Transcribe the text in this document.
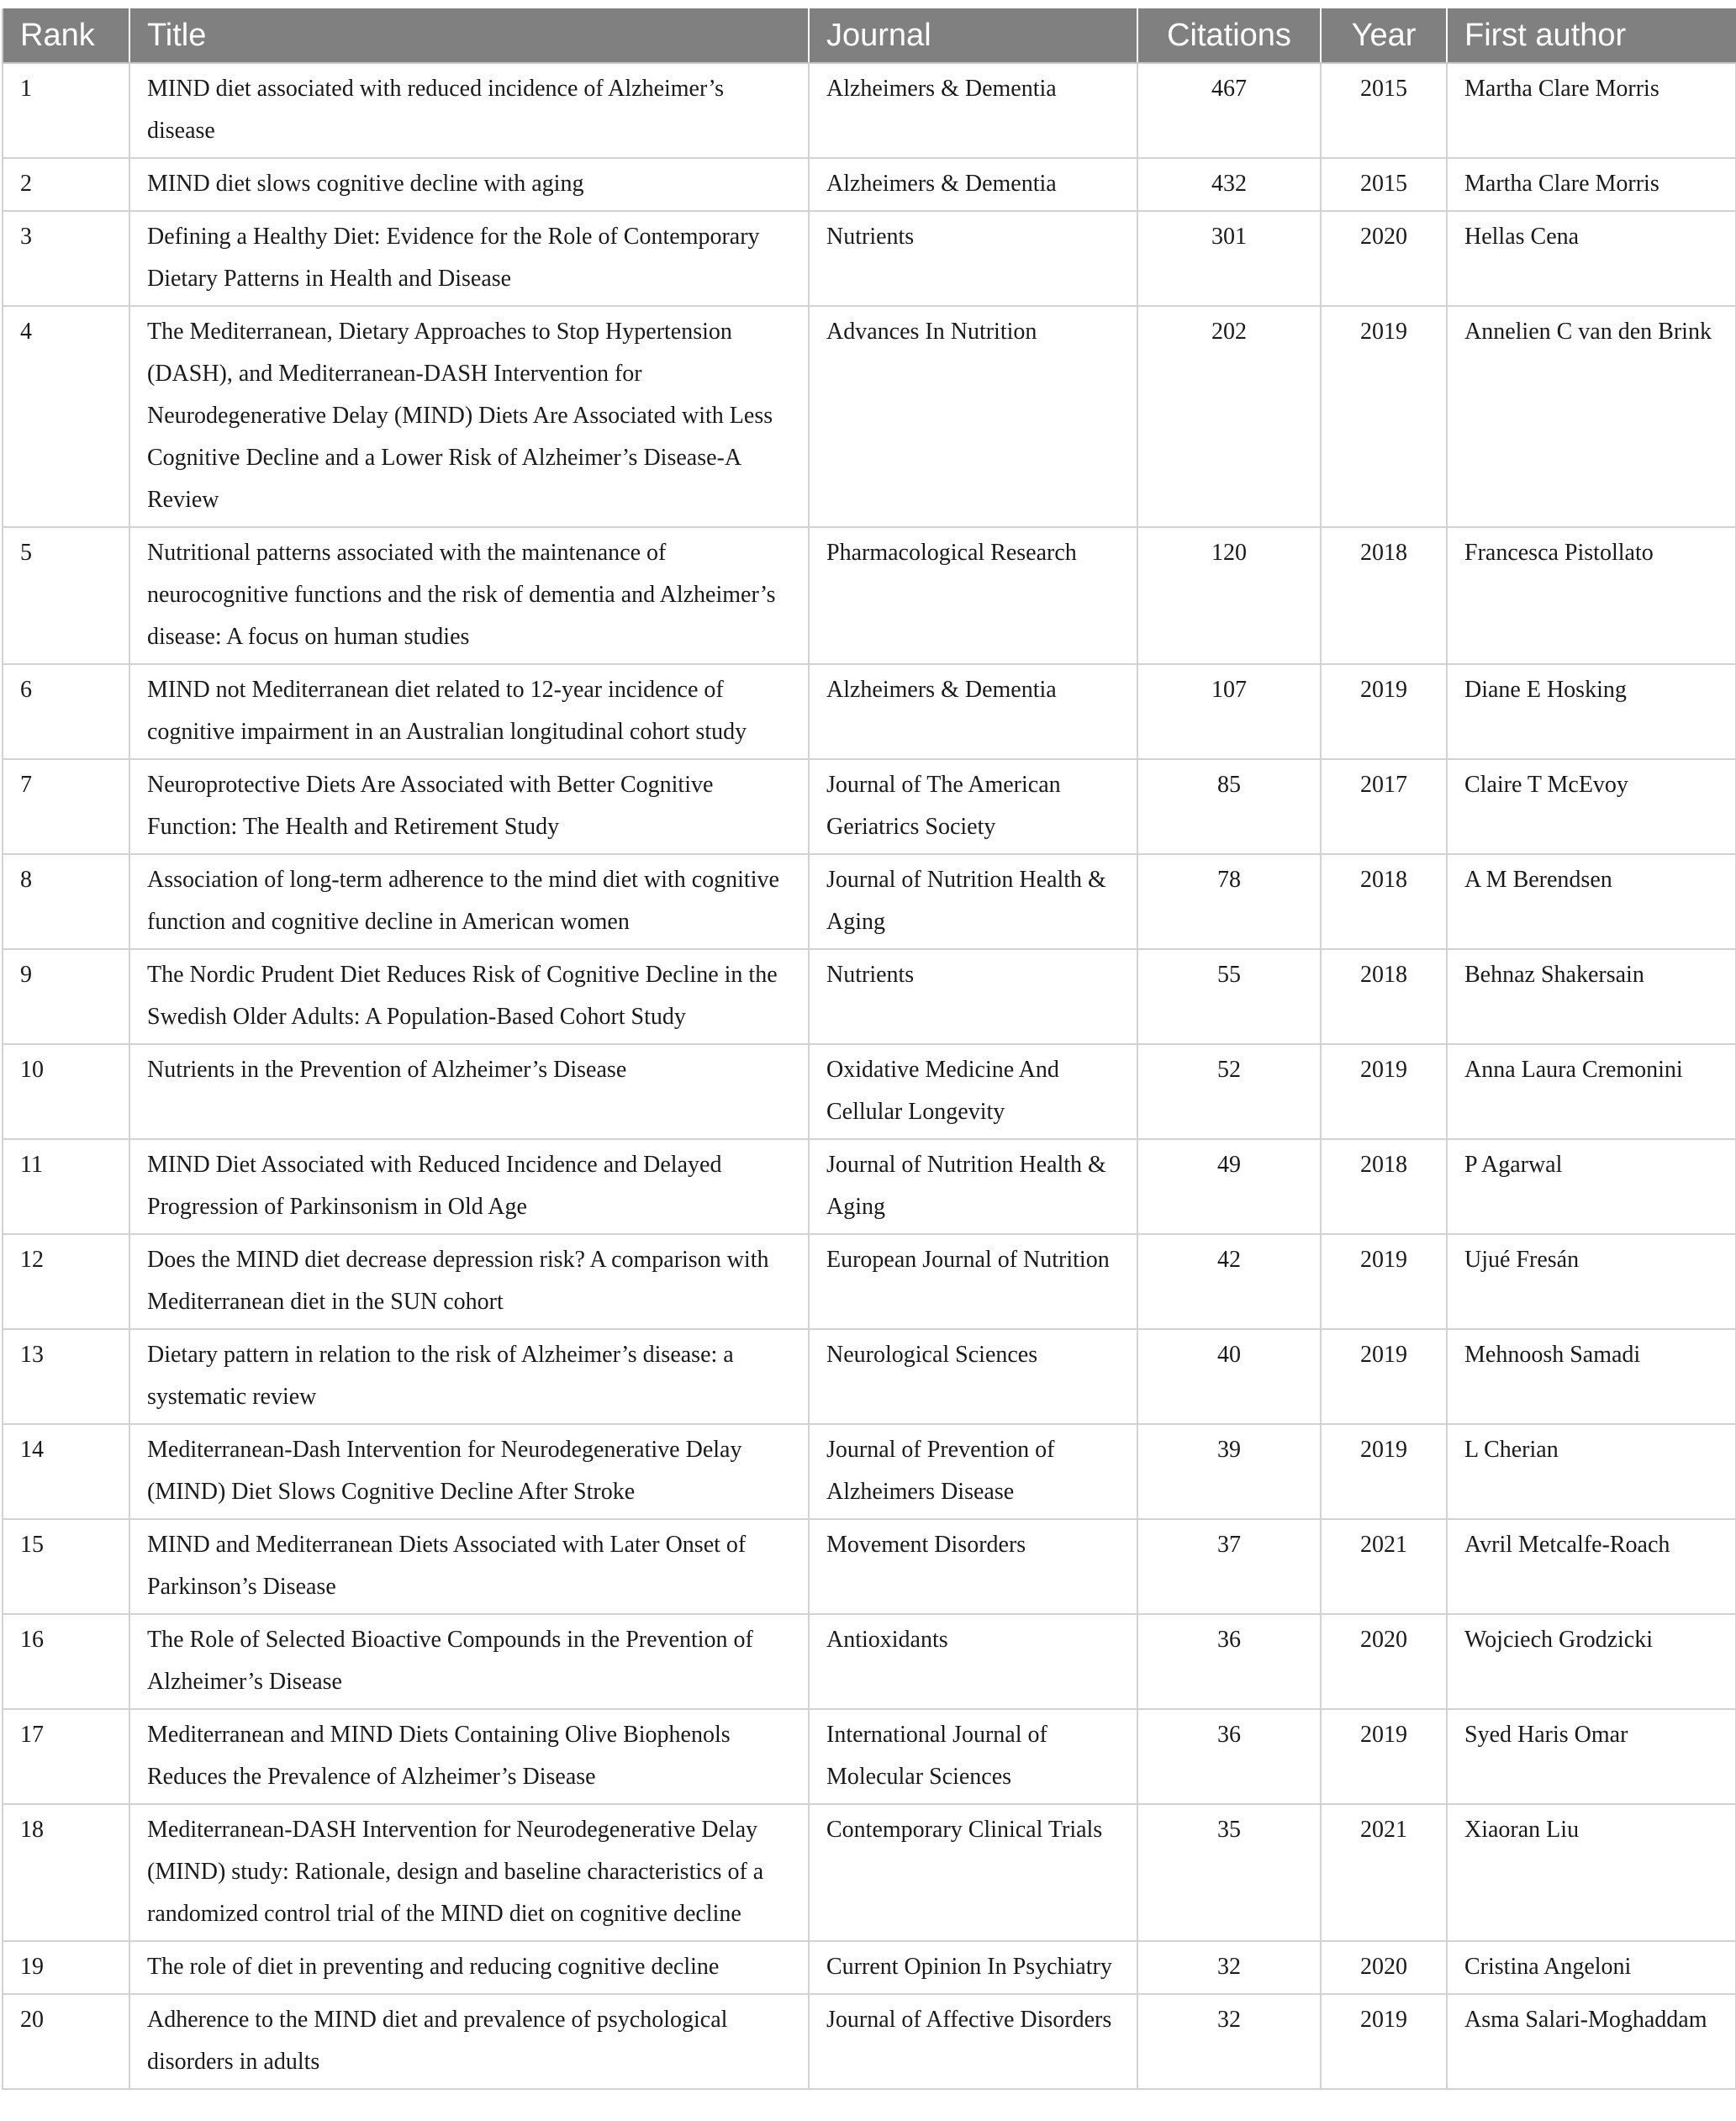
Rank	Title	Journal	Citations	Year	First author
1	MIND diet associated with reduced incidence of Alzheimer’s disease	Alzheimers & Dementia	467	2015	Martha Clare Morris
2	MIND diet slows cognitive decline with aging	Alzheimers & Dementia	432	2015	Martha Clare Morris
3	Defining a Healthy Diet: Evidence for the Role of Contemporary Dietary Patterns in Health and Disease	Nutrients	301	2020	Hellas Cena
4	The Mediterranean, Dietary Approaches to Stop Hypertension (DASH), and Mediterranean-DASH Intervention for Neurodegenerative Delay (MIND) Diets Are Associated with Less Cognitive Decline and a Lower Risk of Alzheimer’s Disease-A Review	Advances In Nutrition	202	2019	Annelien C van den Brink
5	Nutritional patterns associated with the maintenance of neurocognitive functions and the risk of dementia and Alzheimer’s disease: A focus on human studies	Pharmacological Research	120	2018	Francesca Pistollato
6	MIND not Mediterranean diet related to 12-year incidence of cognitive impairment in an Australian longitudinal cohort study	Alzheimers & Dementia	107	2019	Diane E Hosking
7	Neuroprotective Diets Are Associated with Better Cognitive Function: The Health and Retirement Study	Journal of The American Geriatrics Society	85	2017	Claire T McEvoy
8	Association of long-term adherence to the mind diet with cognitive function and cognitive decline in American women	Journal of Nutrition Health & Aging	78	2018	A M Berendsen
9	The Nordic Prudent Diet Reduces Risk of Cognitive Decline in the Swedish Older Adults: A Population-Based Cohort Study	Nutrients	55	2018	Behnaz Shakersain
10	Nutrients in the Prevention of Alzheimer’s Disease	Oxidative Medicine And Cellular Longevity	52	2019	Anna Laura Cremonini
11	MIND Diet Associated with Reduced Incidence and Delayed Progression of Parkinsonism in Old Age	Journal of Nutrition Health & Aging	49	2018	P Agarwal
12	Does the MIND diet decrease depression risk? A comparison with Mediterranean diet in the SUN cohort	European Journal of Nutrition	42	2019	Ujué Fresán
13	Dietary pattern in relation to the risk of Alzheimer’s disease: a systematic review	Neurological Sciences	40	2019	Mehnoosh Samadi
14	Mediterranean-Dash Intervention for Neurodegenerative Delay (MIND) Diet Slows Cognitive Decline After Stroke	Journal of Prevention of Alzheimers Disease	39	2019	L Cherian
15	MIND and Mediterranean Diets Associated with Later Onset of Parkinson’s Disease	Movement Disorders	37	2021	Avril Metcalfe-Roach
16	The Role of Selected Bioactive Compounds in the Prevention of Alzheimer’s Disease	Antioxidants	36	2020	Wojciech Grodzicki
17	Mediterranean and MIND Diets Containing Olive Biophenols Reduces the Prevalence of Alzheimer’s Disease	International Journal of Molecular Sciences	36	2019	Syed Haris Omar
18	Mediterranean-DASH Intervention for Neurodegenerative Delay (MIND) study: Rationale, design and baseline characteristics of a randomized control trial of the MIND diet on cognitive decline	Contemporary Clinical Trials	35	2021	Xiaoran Liu
19	The role of diet in preventing and reducing cognitive decline	Current Opinion In Psychiatry	32	2020	Cristina Angeloni
20	Adherence to the MIND diet and prevalence of psychological disorders in adults	Journal of Affective Disorders	32	2019	Asma Salari-Moghaddam
